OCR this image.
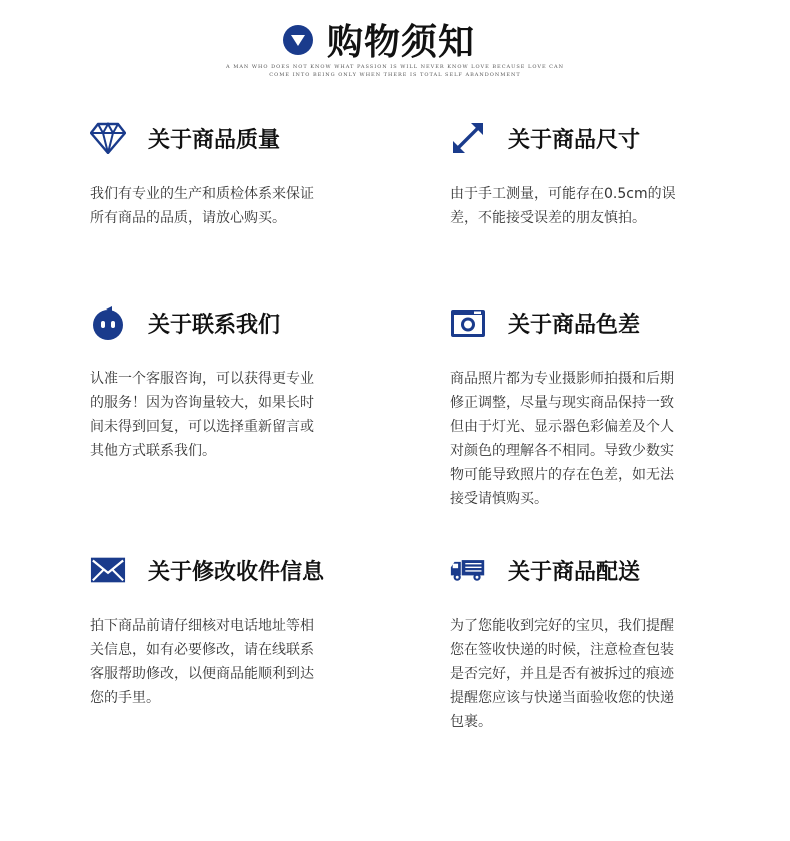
购物须知
A MAN WHO DOES NOT KNOW WHAT PASSION IS WILL NEVER KNOW LOVE BECAUSE LOVE CAN
COME INTO BEING ONLY WHEN THERE IS TOTAL SELF ABANDONMENT
关于商品质量

我们有专业的生产和质检体系来保证

所有商品的品质，请放心购买。

关于商品尺寸

由于手工测量，可能存在0.5cm的误

差，不能接受误差的朋友慎拍。

关于联系我们

认准一个客服咨询，可以获得更专业

的服务！因为咨询量较大，如果长时

间未得到回复，可以选择重新留言或

其他方式联系我们。

关于商品色差

商品照片都为专业摄影师拍摄和后期

修正调整，尽量与现实商品保持一致

但由于灯光、显示器色彩偏差及个人

对颜色的理解各不相同。导致少数实

物可能导致照片的存在色差，如无法

接受请慎购买。

关于修改收件信息

拍下商品前请仔细核对电话地址等相

关信息，如有必要修改，请在线联系

客服帮助修改，以便商品能顺利到达

您的手里。

关于商品配送

为了您能收到完好的宝贝，我们提醒

您在签收快递的时候，注意检查包装

是否完好，并且是否有被拆过的痕迹

提醒您应该与快递当面验收您的快递

包裹。
